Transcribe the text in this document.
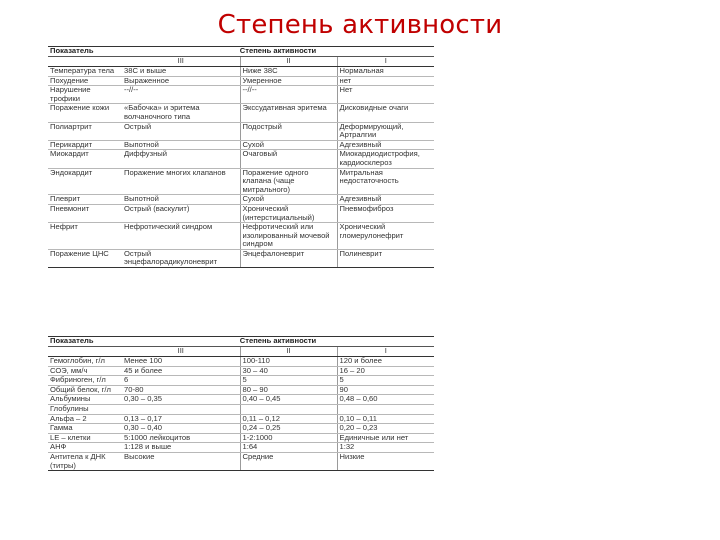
Степень активности
Показатель	Степень активности		
	III	II	I
Температура тела	38С и выше	Ниже 38С	Нормальная
Похудение	Выраженное	Умеренное	нет
Нарушение трофики	--//--	--//--	Нет
Поражение кожи	«Бабочка» и эритема волчаночного типа	Экссудативная эритема	Дисковидные очаги
Полиартрит	Острый	Подострый	Деформирующий, Артралгии
Перикардит	Выпотной	Сухой	Адгезивный
Миокардит	Диффузный	Очаговый	Миокардиодистрофия, кардиосклероз
Эндокардит	Поражение многих клапанов	Поражение одного клапана (чаще митрального)	Митральная недостаточность
Плеврит	Выпотной	Сухой	Адгезивный
Пневмонит	Острый (васкулит)	Хронический (интерстициальный)	Пневмофиброз
Нефрит	Нефротический синдром	Нефротический или изолированный мочевой синдром	Хронический гломерулонефрит
Поражение ЦНС	Острый энцефалорадикулоневрит	Энцефалоневрит	Полиневрит
Показатель	Степень активности		
	III	II	I
Гемоглобин, г/л	Менее 100	100-110	120 и более
СОЭ, мм/ч	45 и более	30 – 40	16 – 20
Фибриноген, г/л	6	5	5
Общий белок, г/л	70-80	80 – 90	90
Альбумины	0,30 – 0,35	0,40 – 0,45	0,48 – 0,60
Глобулины			
Альфа – 2	0,13 – 0,17	0,11 – 0,12	0,10 – 0,11
Гамма	0,30 – 0,40	0,24 – 0,25	0,20 – 0,23
LE – клетки	5:1000 лейкоцитов	1-2:1000	Единичные или нет
АНФ	1:128 и выше	1:64	1:32
Антитела к ДНК (титры)	Высокие	Средние	Низкие
